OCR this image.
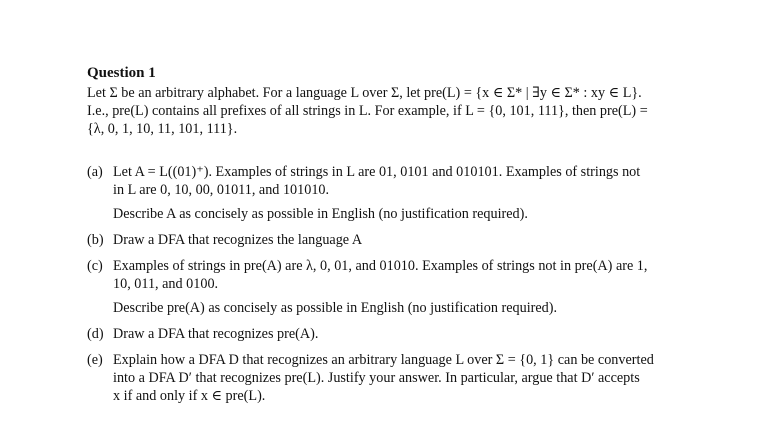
Question 1
Let Σ be an arbitrary alphabet. For a language L over Σ, let pre(L) = {x ∈ Σ* | ∃y ∈ Σ* : xy ∈ L}.
I.e., pre(L) contains all prefixes of all strings in L. For example, if L = {0, 101, 111}, then pre(L) =
{λ, 0, 1, 10, 11, 101, 111}.
(a) Let A = L((01)⁺). Examples of strings in L are 01, 0101 and 010101. Examples of strings not
in L are 0, 10, 00, 01011, and 101010.
Describe A as concisely as possible in English (no justification required).
(b) Draw a DFA that recognizes the language A
(c) Examples of strings in pre(A) are λ, 0, 01, and 01010. Examples of strings not in pre(A) are 1,
10, 011, and 0100.
Describe pre(A) as concisely as possible in English (no justification required).
(d) Draw a DFA that recognizes pre(A).
(e) Explain how a DFA D that recognizes an arbitrary language L over Σ = {0, 1} can be converted
into a DFA D′ that recognizes pre(L). Justify your answer. In particular, argue that D′ accepts
x if and only if x ∈ pre(L).
